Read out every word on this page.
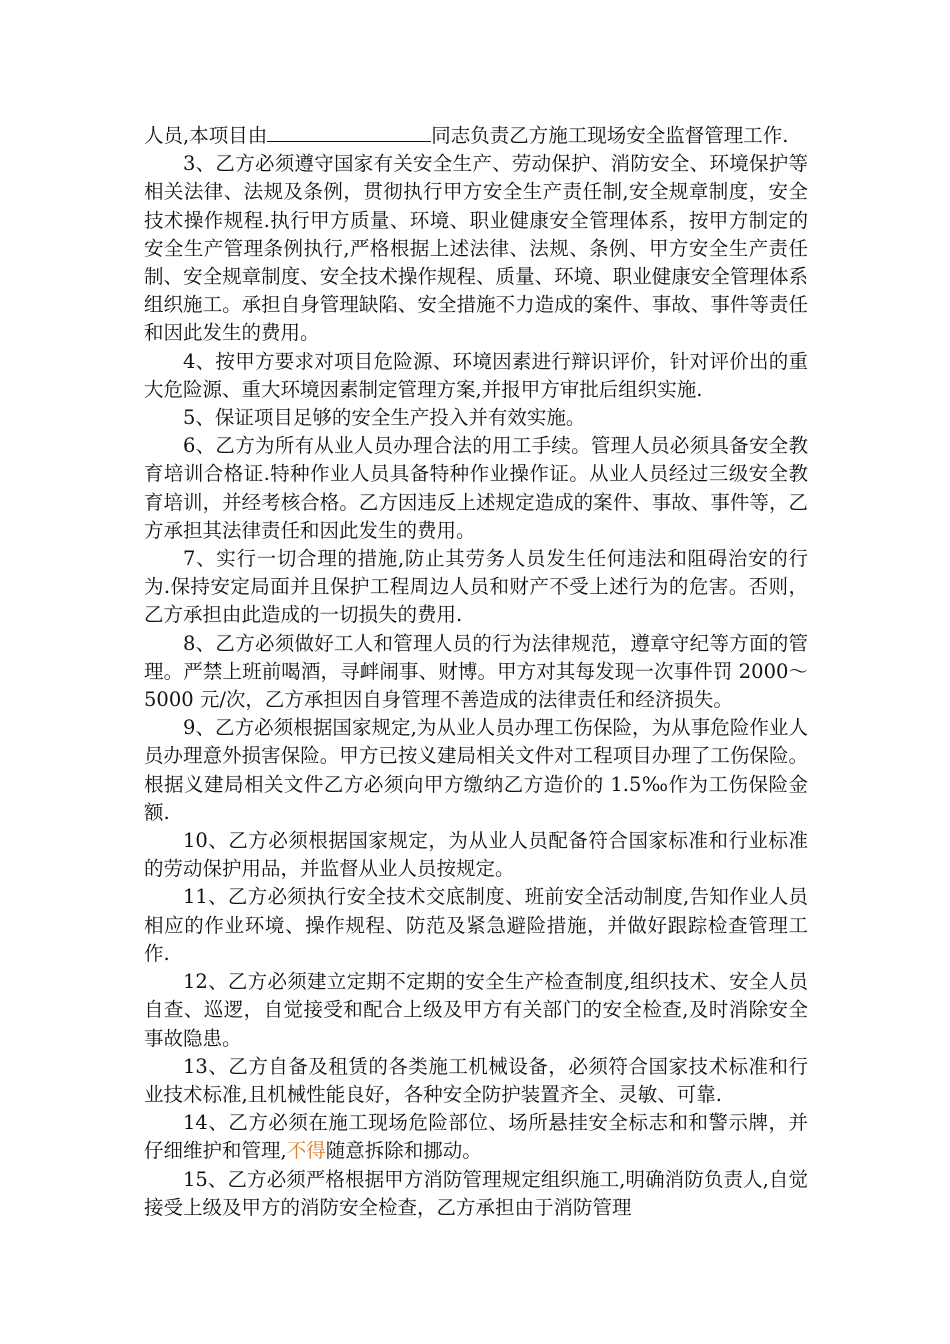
人员,本项目由	同志负责乙方施工现场安全监督管理工作.

3、乙方必须遵守国家有关安全生产、劳动保护、消防安全、环境保护等相关法律、法规及条例，贯彻执行甲方安全生产责任制,安全规章制度，安全技术操作规程.执行甲方质量、环境、职业健康安全管理体系，按甲方制定的安全生产管理条例执行,严格根据上述法律、法规、条例、甲方安全生产责任制、安全规章制度、安全技术操作规程、质量、环境、职业健康安全管理体系组织施工。承担自身管理缺陷、安全措施不力造成的案件、事故、事件等责任和因此发生的费用。

4、按甲方要求对项目危险源、环境因素进行辩识评价，针对评价出的重大危险源、重大环境因素制定管理方案,并报甲方审批后组织实施.

5、保证项目足够的安全生产投入并有效实施。

6、乙方为所有从业人员办理合法的用工手续。管理人员必须具备安全教育培训合格证.特种作业人员具备特种作业操作证。从业人员经过三级安全教育培训，并经考核合格。乙方因违反上述规定造成的案件、事故、事件等，乙方承担其法律责任和因此发生的费用。

7、实行一切合理的措施,防止其劳务人员发生任何违法和阻碍治安的行为.保持安定局面并且保护工程周边人员和财产不受上述行为的危害。否则，乙方承担由此造成的一切损失的费用.

8、乙方必须做好工人和管理人员的行为法律规范，遵章守纪等方面的管理。严禁上班前喝酒，寻衅闹事、财博。甲方对其每发现一次事件罚 2000～5000 元/次，乙方承担因自身管理不善造成的法律责任和经济损失。

9、乙方必须根据国家规定,为从业人员办理工伤保险，为从事危险作业人员办理意外损害保险。甲方已按义建局相关文件对工程项目办理了工伤保险。根据义建局相关文件乙方必须向甲方缴纳乙方造价的 1.5‰作为工伤保险金额.

10、乙方必须根据国家规定，为从业人员配备符合国家标准和行业标准的劳动保护用品，并监督从业人员按规定。

11、乙方必须执行安全技术交底制度、班前安全活动制度,告知作业人员相应的作业环境、操作规程、防范及紧急避险措施，并做好跟踪检查管理工作.

12、乙方必须建立定期不定期的安全生产检查制度,组织技术、安全人员自查、巡逻，自觉接受和配合上级及甲方有关部门的安全检查,及时消除安全事故隐患。

13、乙方自备及租赁的各类施工机械设备，必须符合国家技术标准和行业技术标准,且机械性能良好，各种安全防护装置齐全、灵敏、可靠.

14、乙方必须在施工现场危险部位、场所悬挂安全标志和和警示牌，并仔细维护和管理,不得随意拆除和挪动。

15、乙方必须严格根据甲方消防管理规定组织施工,明确消防负责人,自觉接受上级及甲方的消防安全检查，乙方承担由于消防管理
